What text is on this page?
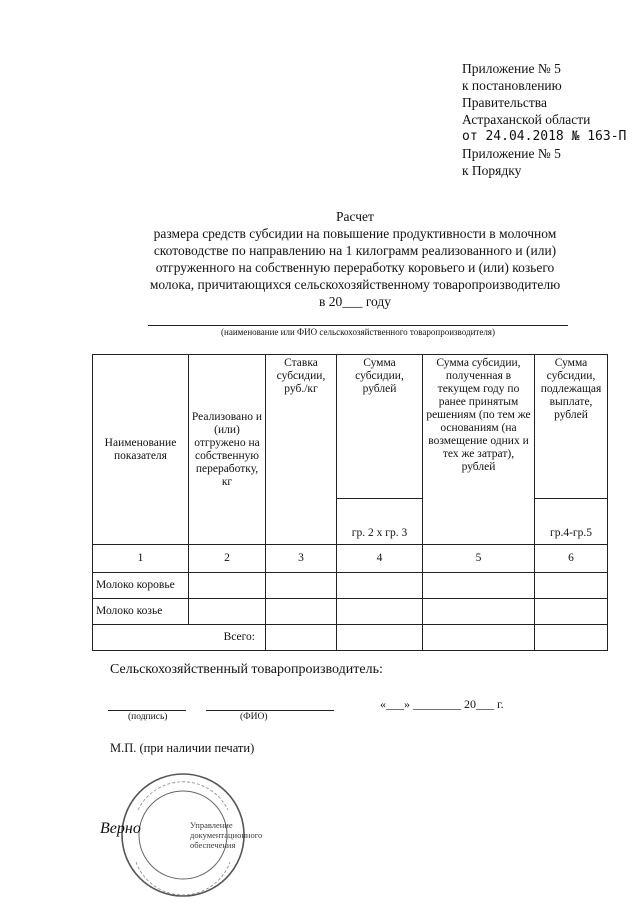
Приложение № 5
к постановлению
Правительства
Астраханской области
от 24.04.2018 № 163-П
Приложение № 5
к Порядку
Расчет
размера средств субсидии на повышение продуктивности в молочном
скотоводстве по направлению на 1 килограмм реализованного и (или)
отгруженного на собственную переработку коровьего и (или) козьего
молока, причитающихся сельскохозяйственному товаропроизводителю
в 20___ году
(наименование или ФИО сельскохозяйственного товаропроизводителя)
Наименование показателя	Реализовано и (или) отгружено на собственную переработку, кг	Ставка субсидии, руб./кг	Сумма субсидии, рублей	Сумма субсидии, полученная в текущем году по ранее принятым решениям (по тем же основаниям (на возмещение одних и тех же затрат), рублей	Сумма субсидии, подлежащая выплате, рублей
			гр. 2 x гр. 3		гр.4-гр.5
1	2	3	4	5	6
Молоко коровье					
Молоко козье					
Всего:					
Сельскохозяйственный товаропроизводитель:
(подпись)	(ФИО)
«___» ________ 20___ г.
М.П. (при наличии печати)
Управление
документационного
обеспечения
Верно
